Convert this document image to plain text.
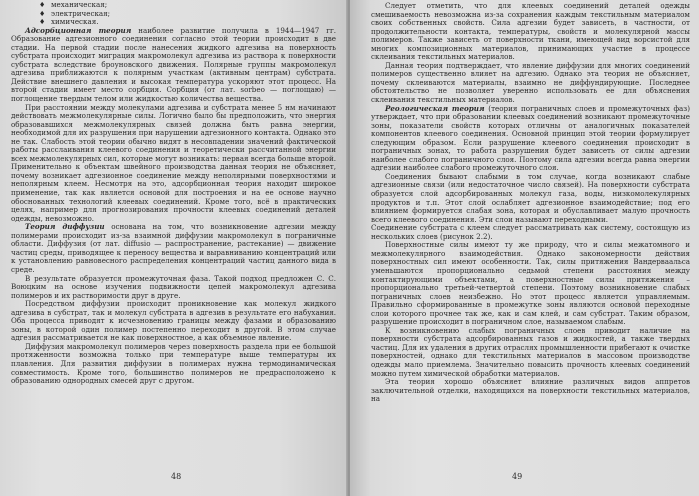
♦ механическая;
♦ электрическая;
♦ химическая.

Адсорбционная теория наиболее развитие получила в 1944—1947 гг. Образование адгезионного соединения согласно этой теории происходит в две стадии. На первой стадии после нанесения жидкого адгезива на поверхность субстрата происходит миграция макромолекул адгезива из раствора к поверхности субстрата вследствие броуновского движения. Полярные группы макромолекул адгезива приближаются к полярным участкам (активным центрам) субстрата. Действие внешнего давления и высокая температура ускоряют этот процесс. На второй стадии имеет место сорбция. Сорбция (от лат. sorbeo — поглощаю) — поглощение твердым телом или жидкостью количества вещества.

При расстоянии между молекулами адгезива и субстрата менее 5 нм начинают действовать межмолекулярные силы. Логично было бы предположить, что энергия образовавшихся межмолекулярных связей должна быть равна энергии, необходимой для их разрушения при нарушении адгезионного контакта. Однако это не так. Слабость этой теории обычно видят в несовпадении значений фактической работы расслаивания клеевого соединения и теоретически рассчитанной энергии всех межмолекулярных сил, которые могут возникать: первая всегда больше второй. Применительно к объектам швейного производства данная теория не объясняет, почему возникает адгезионное соединение между неполярными поверхностями и неполярным клеем. Несмотря на это, адсорбционная теория находит широкое применение, так как является основой для построения и на ее основе научно обоснованных технологий клеевых соединений. Кроме того, всё в практических целях, например для прогнозирования прочности клеевых соединений деталей одежды, невозможно.

Теория диффузии основана на том, что возникновение адгезии между полимерами происходит из-за взаимной диффузии макромолекул в пограничные области. Диффузия (от лат. diffusio — распространение, растекание) — движение частиц среды, приводящее к переносу вещества и выравниванию концентраций или к установлению равновесного распределения концентраций частиц данного вида в среде.

В результате образуется промежуточная фаза. Такой подход предложен С. С. Воюцким на основе изучения подвижности цепей макромолекул адгезива полимеров и их растворимости друг в друге.

Посредством диффузии происходит проникновение как молекул жидкого адгезива в субстрат, так и молекул субстрата в адгезив в результате его набухания. Оба процесса приводят к исчезновению границы между фазами и образованию зоны, в которой один полимер постепенно переходит в другой. В этом случае адгезия рассматривается не как поверхностное, а как объемное явление.

Диффузия макромолекул полимеров через поверхность раздела при ее большой протяженности возможна только при температуре выше температуры их плавления. Для развития диффузии в полимерах нужна термодинамическая совместимость. Кроме того, большинство полимеров не предрасположено к образованию однородных смесей друг с другом.

48

Следует отметить, что для клеевых соединений деталей одежды смешиваемость невозможна из-за сохранения каждым текстильным материалом своих собственных свойств. Сила адгезии будет зависеть, в частности, от продолжительности контакта, температуры, свойств и молекулярной массы полимеров. Также зависеть от поверхности ткани, имеющей вид ворсистой для многих композиционных материалов, принимающих участие в процессе склеивания текстильных материалов.

Данная теория подтверждает, что явление диффузии для многих соединений полимеров существенно влияет на адгезию. Однако эта теория не объясняет, почему склеиваются материалы, взаимно не диффундирующие. Последнее обстоятельство не позволяет уверенно использовать ее для объяснения склеивания текстильных материалов.

Реологическая теория (теория пограничных слоев и промежуточных фаз) утверждает, что при образовании клеевых соединений возникают промежуточные зоны, показатели свойств которых отличны от аналогичных показателей компонентов клеевого соединения. Основной принцип этой теории формулирует следующим образом. Если разрушение клеевого соединения происходит в пограничных зонах, то работа разрушения будет зависеть от силы адгезии наиболее слабого пограничного слоя. Поэтому сила адгезии всегда равна энергии адгезии наиболее слабого промежуточного слоя.

Соединения бывают слабыми в том случае, когда возникают слабые адгезионные связи (или недостаточное число связей). На поверхности субстрата образуется слой адсорбированных молекул газа, воды, низкомолекулярных продуктов и т.п. Этот слой ослабляет адгезионное взаимодействие; под его влиянием формируется слабая зона, которая и обуславливает малую прочность всего клеевого соединения. Эти слои называют переходными.

Соединение субстрата с клеем следует рассматривать как систему, состоящую из нескольких слоев (рисунок 2.2).

Поверхностные силы имеют ту же природу, что и силы межатомного и межмолекулярного взаимодействия. Однако закономерности действия поверхностных сил имеют особенности. Так, силы притяжения Вандерваальса уменьшаются пропорционально седьмой степени расстояния между контактирующими объектами, а поверхностные силы притяжения – пропорционально третьей-четвертой степени. Поэтому возникновение слабых пограничных слоев неизбежно. Но этот процесс является управляемым. Правильно сформированные в промежутке зоны являются основой переходные слои которого прочнее так же, как и сам клей, и сам субстрат. Таким образом, разрушение происходит в пограничном слое, называемом слабым.

К возникновению слабых пограничных слоев приводит наличие на поверхности субстрата адсорбированных газов и жидкостей, а также твердых частиц. Для их удаления в других отраслях промышленности прибегают к очистке поверхностей, однако для текстильных материалов в массовом производстве одежды мало приемлема. Значительно повысить прочность клеевых соединений можно путем химической обработки материалов.

Эта теория хорошо объясняет влияние различных видов аппретов заключительной отделки, находящихся на поверхности текстильных материалов, на

49
